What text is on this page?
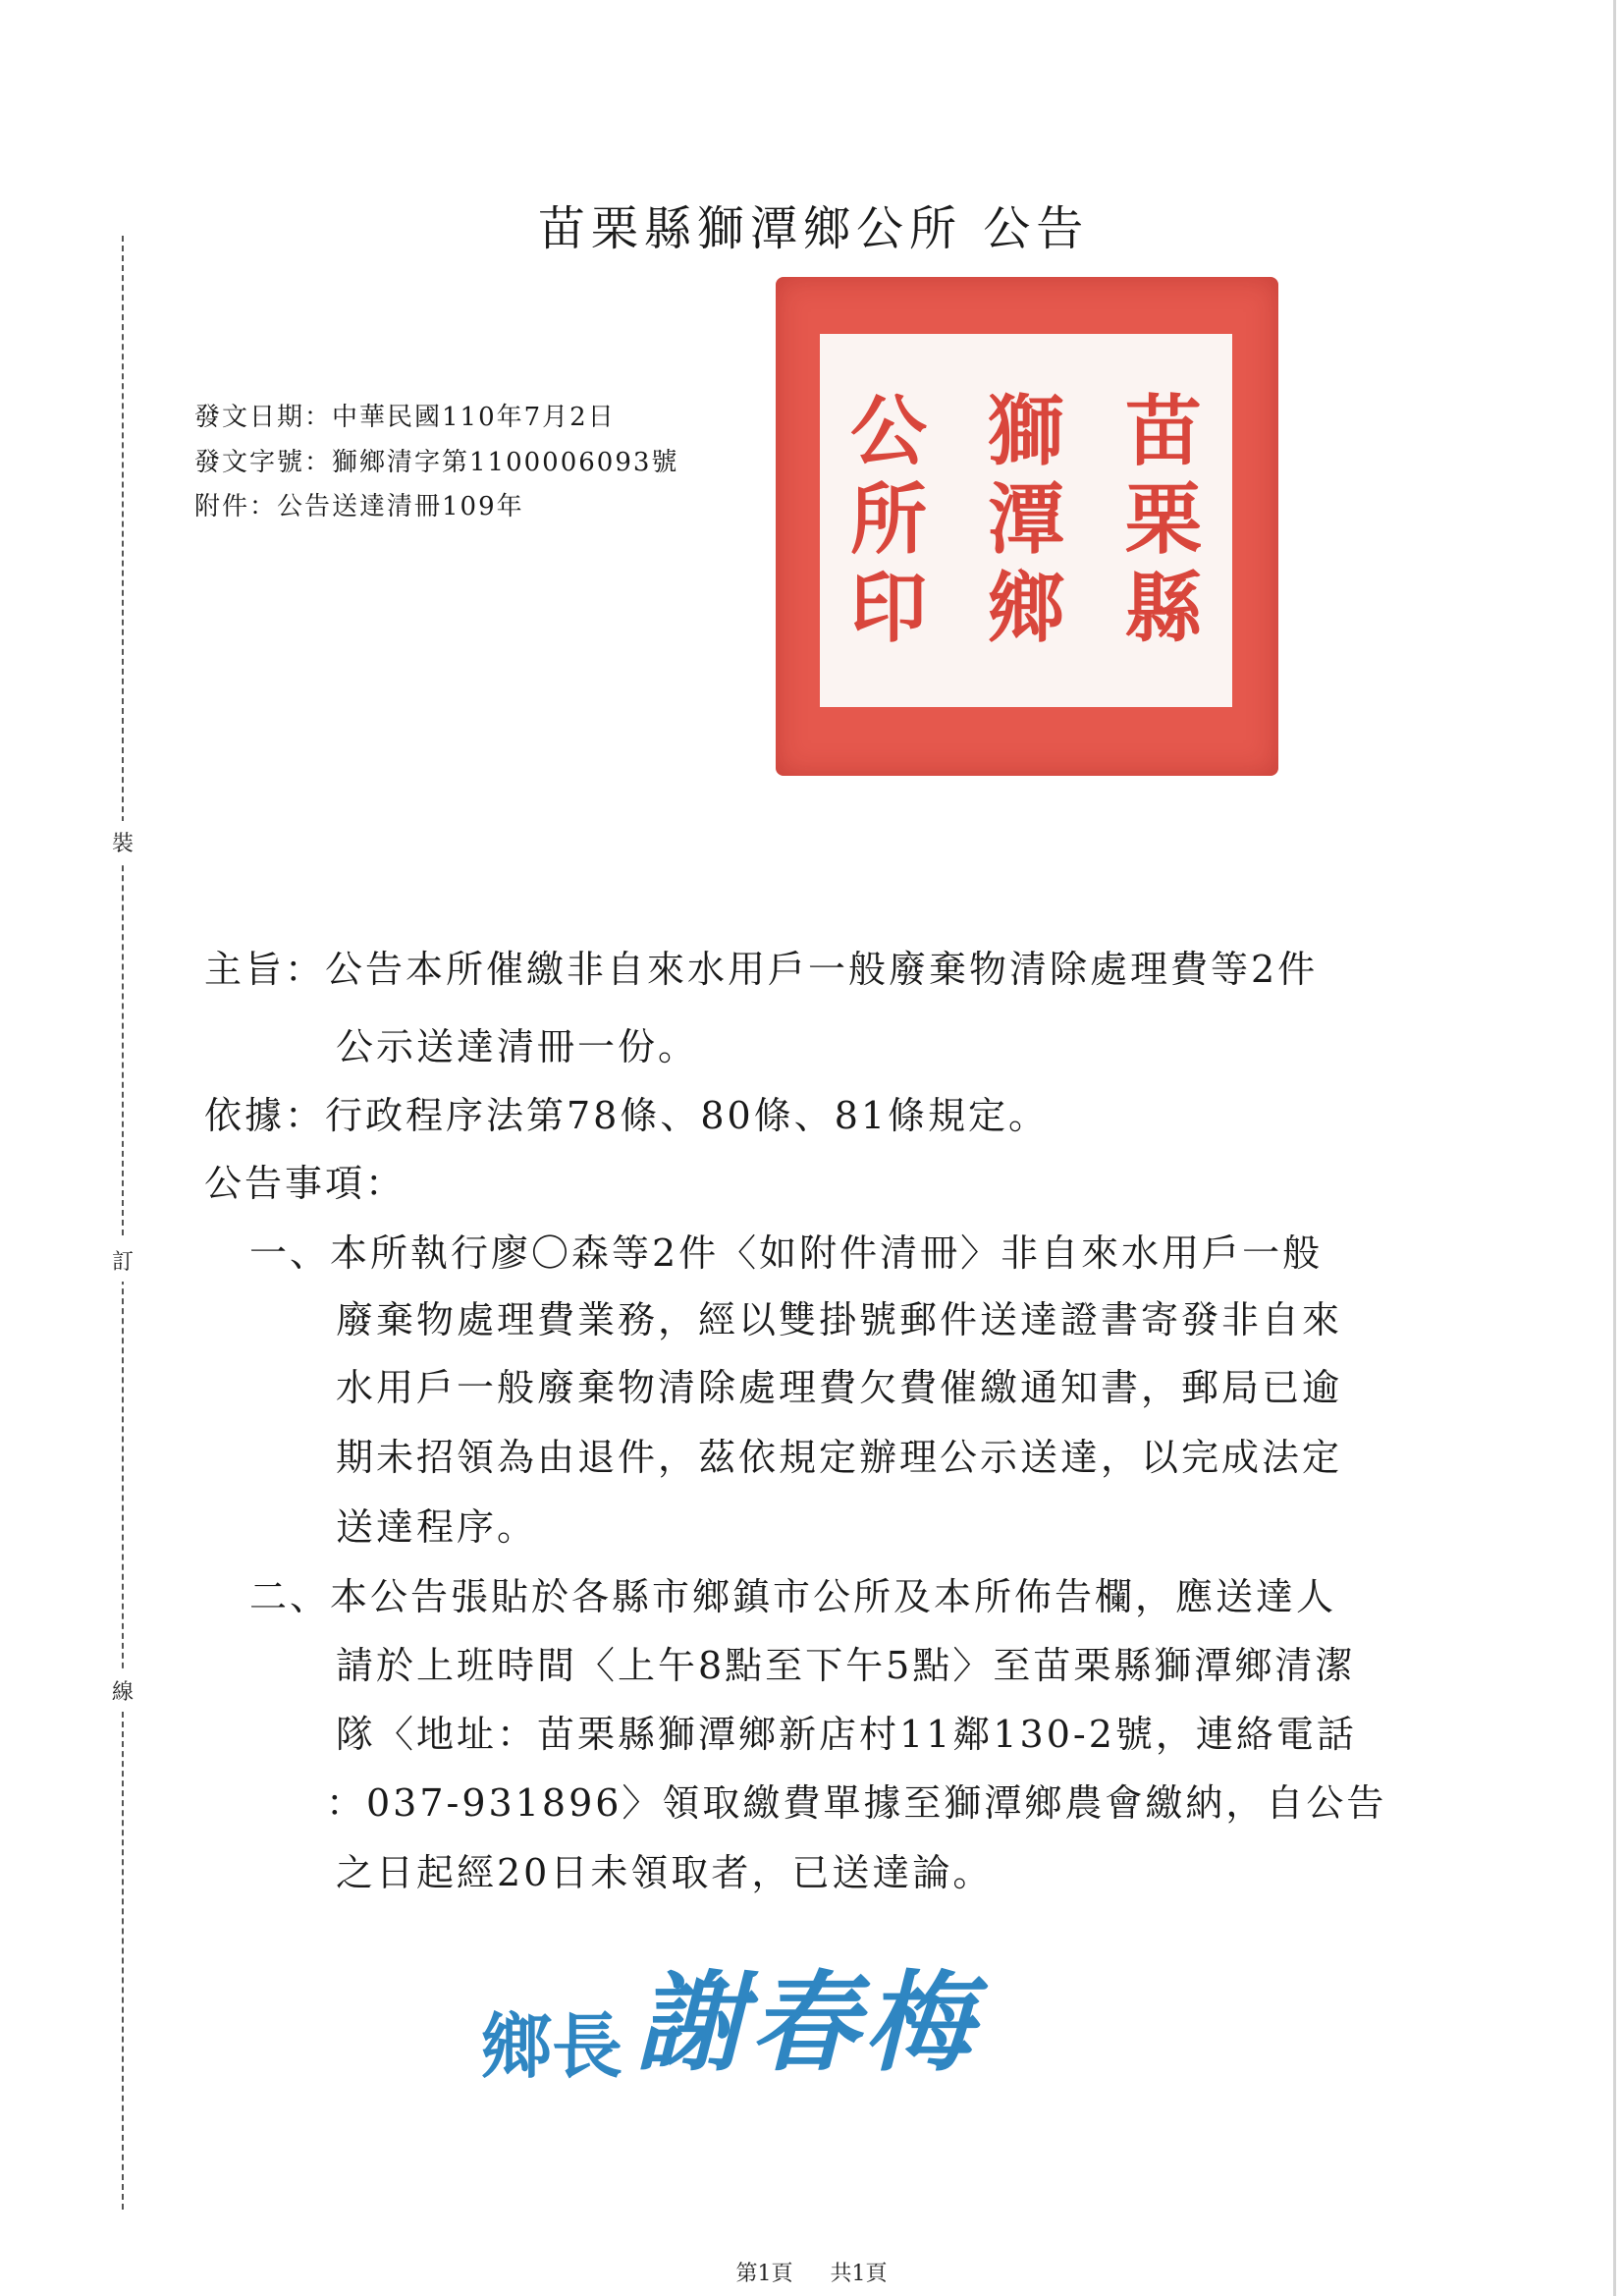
裝
訂
線
苗栗縣獅潭鄉公所 公告
發文日期：中華民國110年7月2日
發文字號：獅鄉清字第1100006093號
附件：公告送達清冊109年
苗
栗
縣
獅
潭
鄉
公
所
印
主旨：公告本所催繳非自來水用戶一般廢棄物清除處理費等2件
公示送達清冊一份。
依據：行政程序法第78條、80條、81條規定。
公告事項：
一、本所執行廖〇森等2件〈如附件清冊〉非自來水用戶一般
廢棄物處理費業務，經以雙掛號郵件送達證書寄發非自來
水用戶一般廢棄物清除處理費欠費催繳通知書，郵局已逾
期未招領為由退件，茲依規定辦理公示送達，以完成法定
送達程序。
二、本公告張貼於各縣市鄉鎮市公所及本所佈告欄，應送達人
請於上班時間〈上午8點至下午5點〉至苗栗縣獅潭鄉清潔
隊〈地址：苗栗縣獅潭鄉新店村11鄰130-2號，連絡電話
：037-931896〉領取繳費單據至獅潭鄉農會繳納，自公告
之日起經20日未領取者，已送達論。
鄉長 謝春梅
第1頁 共1頁
